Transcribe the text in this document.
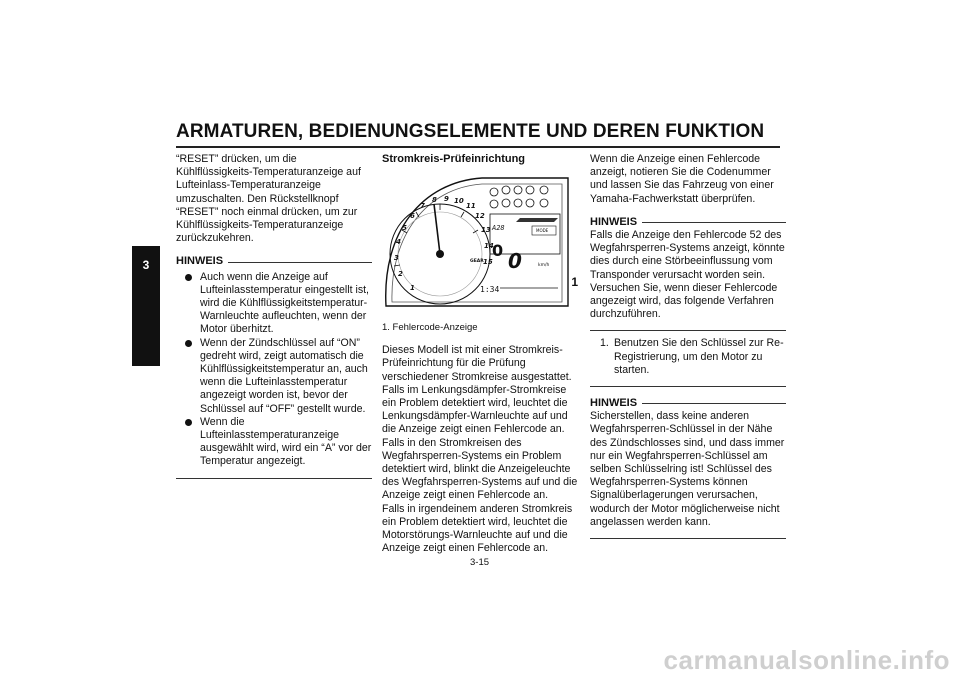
ARMATUREN, BEDIENUNGSELEMENTE UND DEREN FUNKTION
3

“RESET” drücken, um die Kühlflüssigkeits-Temperaturanzeige auf Lufteinlass-Temperaturanzeige umzuschalten. Den Rückstellknopf “RESET” noch einmal drücken, um zur Kühlflüssigkeits-Temperaturanzeige zurückzukehren.

HINWEIS
Auch wenn die Anzeige auf Lufteinlasstemperatur eingestellt ist, wird die Kühlflüssigkeitstemperatur-Warnleuchte aufleuchten, wenn der Motor überhitzt.
Wenn der Zündschlüssel auf “ON” gedreht wird, zeigt automatisch die Kühlflüssigkeitstemperatur an, auch wenn die Lufteinlasstemperatur angezeigt worden ist, bevor der Schlüssel auf “OFF” gestellt wurde.
Wenn die Lufteinlasstemperaturanzeige ausgewählt wird, wird ein “A” vor der Temperatur angezeigt.
Stromkreis-Prüfeinrichtung
1
2
3
4
5
6
7
8 9 10
11
12
13
14
15
A28	MODE
GEAR
0 0	km/h
1:34
1
1. Fehlercode-Anzeige

Dieses Modell ist mit einer Stromkreis-Prüfeinrichtung für die Prüfung verschiedener Stromkreise ausgestattet.
Falls im Lenkungsdämpfer-Stromkreise ein Problem detektiert wird, leuchtet die Lenkungsdämpfer-Warnleuchte auf und die Anzeige zeigt einen Fehlercode an.
Falls in den Stromkreisen des Wegfahrsperren-Systems ein Problem detektiert wird, blinkt die Anzeigeleuchte des Wegfahrsperren-Systems auf und die Anzeige zeigt einen Fehlercode an.
Falls in irgendeinem anderen Stromkreis ein Problem detektiert wird, leuchtet die Motorstörungs-Warnleuchte auf und die Anzeige zeigt einen Fehlercode an.

Wenn die Anzeige einen Fehlercode anzeigt, notieren Sie die Codenummer und lassen Sie das Fahrzeug von einer Yamaha-Fachwerkstatt überprüfen.

HINWEIS

Falls die Anzeige den Fehlercode 52 des Wegfahrsperren-Systems anzeigt, könnte dies durch eine Störbeeinflussung vom Transponder verursacht worden sein. Versuchen Sie, wenn dieser Fehlercode angezeigt wird, das folgende Verfahren durchzuführen.

1. Benutzen Sie den Schlüssel zur Re-Registrierung, um den Motor zu starten.
HINWEIS

Sicherstellen, dass keine anderen Wegfahrsperren-Schlüssel in der Nähe des Zündschlosses sind, und dass immer nur ein Wegfahrsperren-Schlüssel am selben Schlüsselring ist! Schlüssel des Wegfahrsperren-Systems können Signalüberlagerungen verursachen, wodurch der Motor möglicherweise nicht angelassen werden kann.

3-15
carmanualsonline.info
